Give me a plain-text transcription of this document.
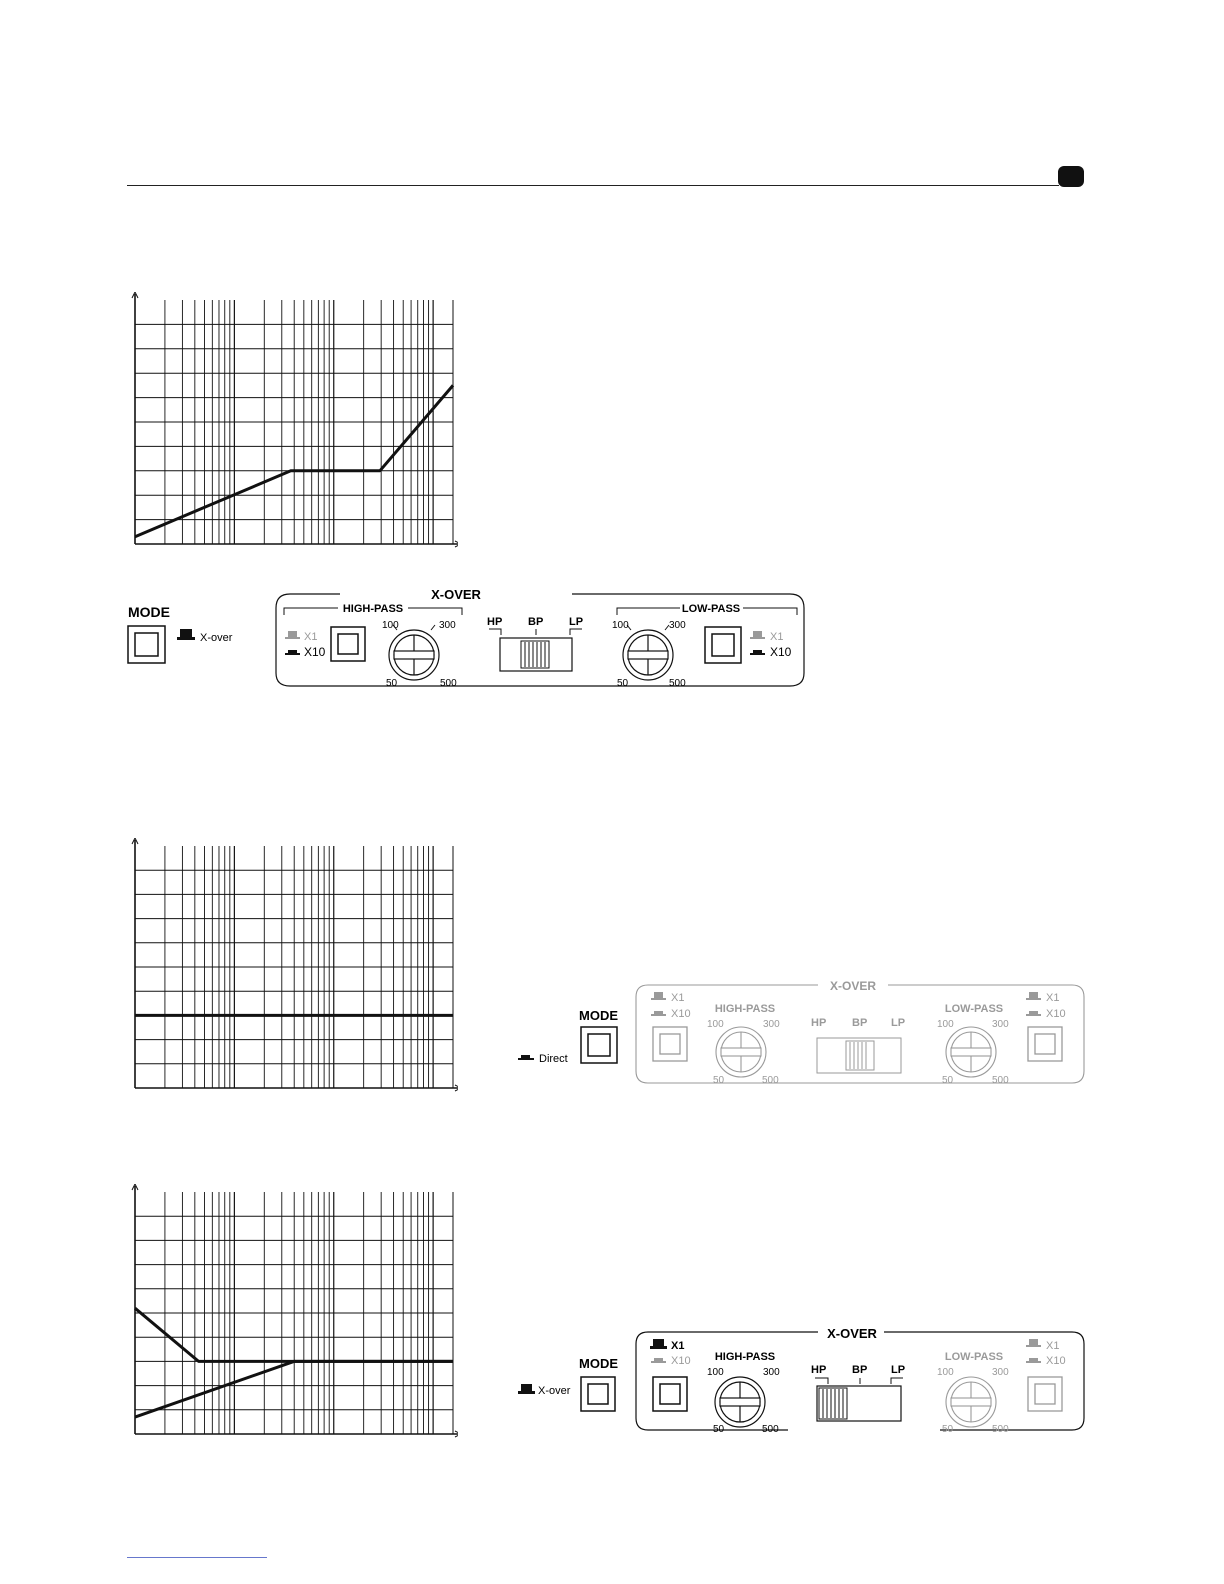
MODE
X-over
X-OVER
HIGH-PASS
X1
X10
100	300
50	500
HP BP LP
LOW-PASS
100	300
50	500
X1
X10
MODE
Direct
X-OVER
X1
X10 HIGH-PASS
100	300
50	500
HP BP LP
LOW-PASS
100	300
50	500
X1
X10
MODE
X-over
X-OVER
X1
X10 HIGH-PASS
100	300
50	500
HP BP LP
LOW-PASS
100	300
50	500
X1
X10
